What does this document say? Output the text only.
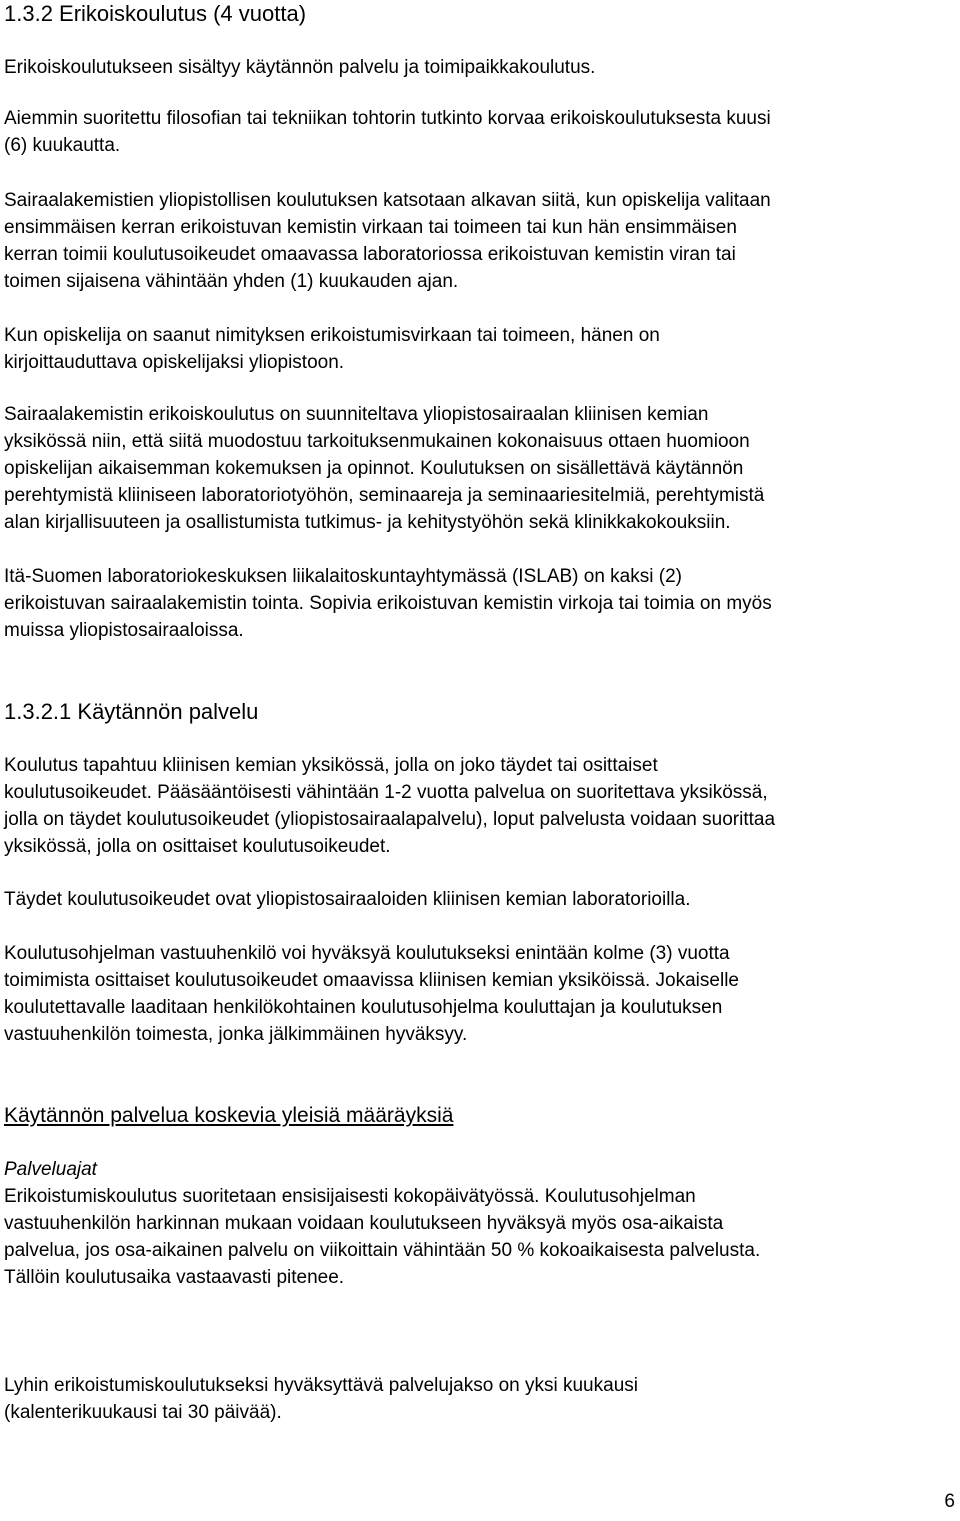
1.3.2 Erikoiskoulutus (4 vuotta)
Erikoiskoulutukseen sisältyy käytännön palvelu ja toimipaikkakoulutus.
Aiemmin suoritettu filosofian tai tekniikan tohtorin tutkinto korvaa erikoiskoulutuksesta kuusi
(6) kuukautta.
Sairaalakemistien yliopistollisen koulutuksen katsotaan alkavan siitä, kun opiskelija valitaan
ensimmäisen kerran erikoistuvan kemistin virkaan tai toimeen tai kun hän ensimmäisen
kerran toimii koulutusoikeudet omaavassa laboratoriossa erikoistuvan kemistin viran tai
toimen sijaisena vähintään yhden (1) kuukauden ajan.
Kun opiskelija on saanut nimityksen erikoistumisvirkaan tai toimeen, hänen on
kirjoittauduttava opiskelijaksi yliopistoon.
Sairaalakemistin erikoiskoulutus on suunniteltava yliopistosairaalan kliinisen kemian
yksikössä niin, että siitä muodostuu tarkoituksenmukainen kokonaisuus ottaen huomioon
opiskelijan aikaisemman kokemuksen ja opinnot. Koulutuksen on sisällettävä käytännön
perehtymistä kliiniseen laboratoriotyöhön, seminaareja ja seminaariesitelmiä, perehtymistä
alan kirjallisuuteen ja osallistumista tutkimus- ja kehitystyöhön sekä klinikkakokouksiin.
Itä-Suomen laboratoriokeskuksen liikalaitoskuntayhtymässä (ISLAB) on kaksi (2)
erikoistuvan sairaalakemistin tointa. Sopivia erikoistuvan kemistin virkoja tai toimia on myös
muissa yliopistosairaaloissa.
1.3.2.1 Käytännön palvelu
Koulutus tapahtuu kliinisen kemian yksikössä, jolla on joko täydet tai osittaiset
koulutusoikeudet. Pääsääntöisesti vähintään 1-2 vuotta palvelua on suoritettava yksikössä,
jolla on täydet koulutusoikeudet (yliopistosairaalapalvelu), loput palvelusta voidaan suorittaa
yksikössä, jolla on osittaiset koulutusoikeudet.
Täydet koulutusoikeudet ovat yliopistosairaaloiden kliinisen kemian laboratorioilla.
Koulutusohjelman vastuuhenkilö voi hyväksyä koulutukseksi enintään kolme (3) vuotta
toimimista osittaiset koulutusoikeudet omaavissa kliinisen kemian yksiköissä. Jokaiselle
koulutettavalle laaditaan henkilökohtainen koulutusohjelma kouluttajan ja koulutuksen
vastuuhenkilön toimesta, jonka jälkimmäinen hyväksyy.
Käytännön palvelua koskevia yleisiä määräyksiä
Palveluajat
Erikoistumiskoulutus suoritetaan ensisijaisesti kokopäivätyössä. Koulutusohjelman
vastuuhenkilön harkinnan mukaan voidaan koulutukseen hyväksyä myös osa-aikaista
palvelua, jos osa-aikainen palvelu on viikoittain vähintään 50 % kokoaikaisesta palvelusta.
Tällöin koulutusaika vastaavasti pitenee.
Lyhin erikoistumiskoulutukseksi hyväksyttävä palvelujakso on yksi kuukausi
(kalenterikuukausi tai 30 päivää).
6
